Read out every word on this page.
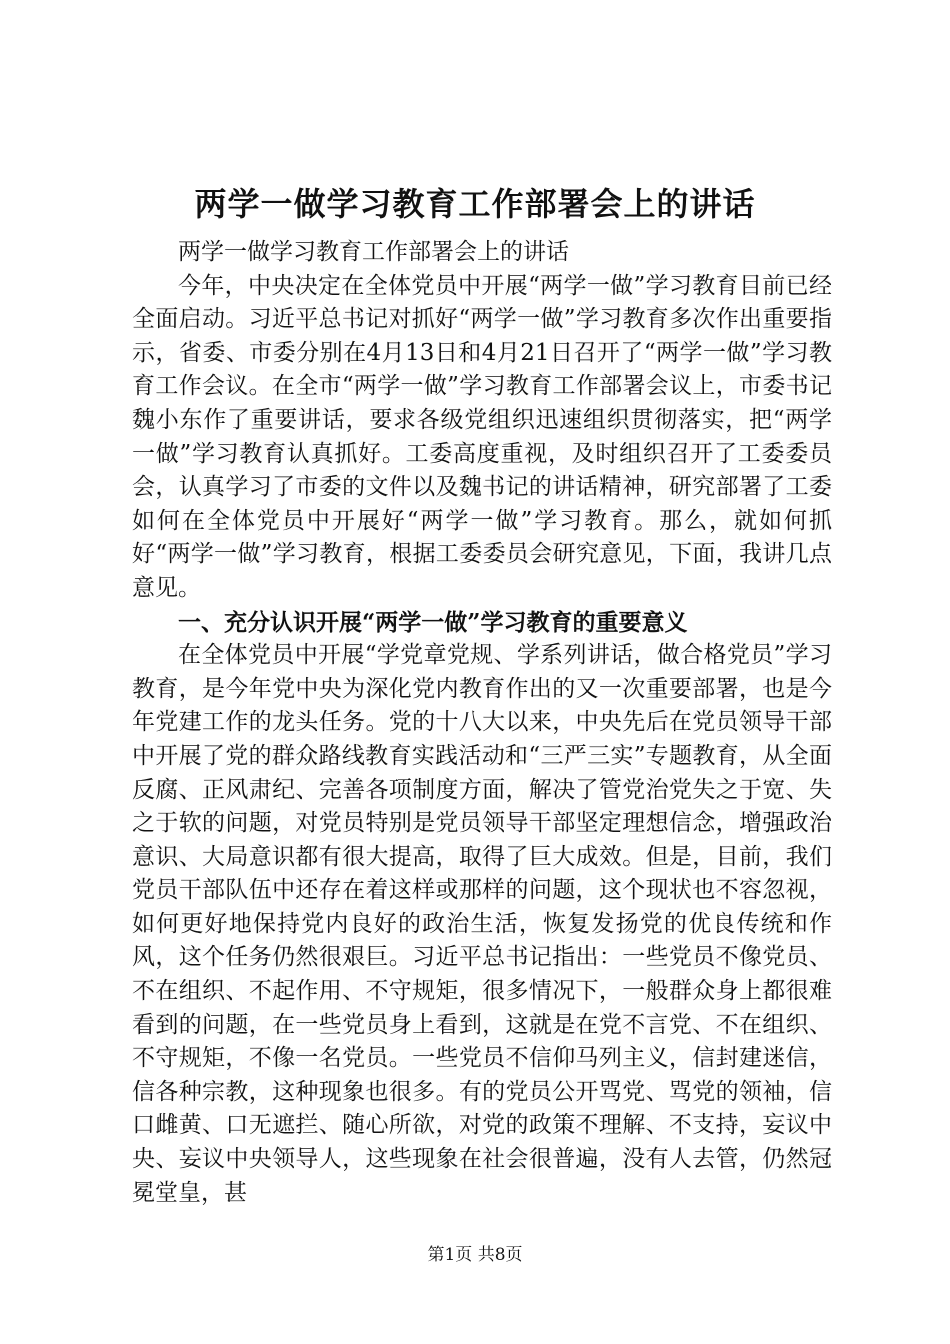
两学一做学习教育工作部署会上的讲话

两学一做学习教育工作部署会上的讲话

今年，中央决定在全体党员中开展“两学一做”学习教育目前已经全面启动。习近平总书记对抓好“两学一做”学习教育多次作出重要指示，省委、市委分别在4月13日和4月21日召开了“两学一做”学习教育工作会议。在全市“两学一做”学习教育工作部署会议上，市委书记魏小东作了重要讲话，要求各级党组织迅速组织贯彻落实，把“两学一做”学习教育认真抓好。工委高度重视，及时组织召开了工委委员会，认真学习了市委的文件以及魏书记的讲话精神，研究部署了工委如何在全体党员中开展好“两学一做”学习教育。那么，就如何抓好“两学一做”学习教育，根据工委委员会研究意见，下面，我讲几点意见。

一、充分认识开展“两学一做”学习教育的重要意义

在全体党员中开展“学党章党规、学系列讲话，做合格党员”学习教育，是今年党中央为深化党内教育作出的又一次重要部署，也是今年党建工作的龙头任务。党的十八大以来，中央先后在党员领导干部中开展了党的群众路线教育实践活动和“三严三实”专题教育，从全面反腐、正风肃纪、完善各项制度方面，解决了管党治党失之于宽、失之于软的问题，对党员特别是党员领导干部坚定理想信念，增强政治意识、大局意识都有很大提高，取得了巨大成效。但是，目前，我们党员干部队伍中还存在着这样或那样的问题，这个现状也不容忽视，如何更好地保持党内良好的政治生活，恢复发扬党的优良传统和作风，这个任务仍然很艰巨。习近平总书记指出：一些党员不像党员、不在组织、不起作用、不守规矩，很多情况下，一般群众身上都很难看到的问题，在一些党员身上看到，这就是在党不言党、不在组织、不守规矩，不像一名党员。一些党员不信仰马列主义，信封建迷信，信各种宗教，这种现象也很多。有的党员公开骂党、骂党的领袖，信口雌黄、口无遮拦、随心所欲，对党的政策不理解、不支持，妄议中央、妄议中央领导人，这些现象在社会很普遍，没有人去管，仍然冠冕堂皇，甚

第1页 共8页
